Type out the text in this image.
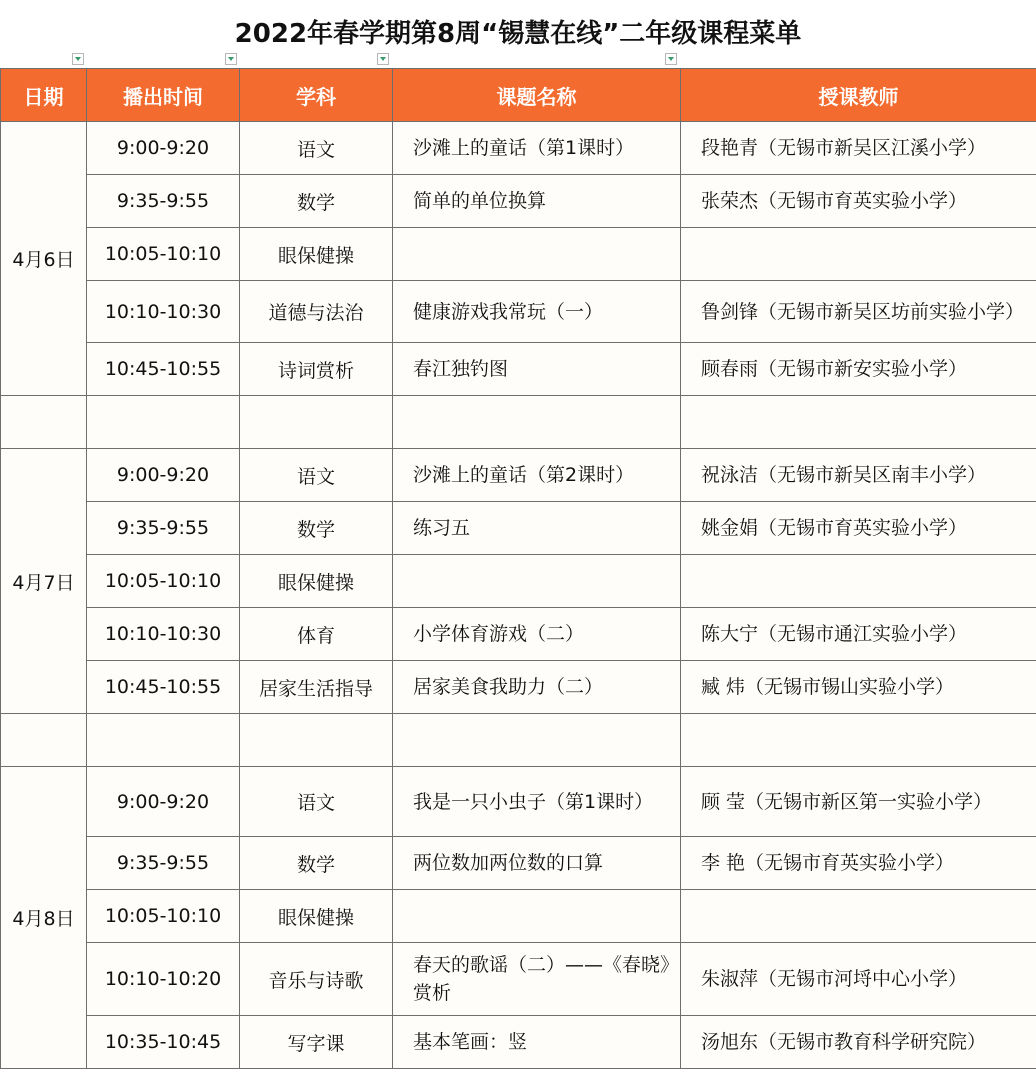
2022年春学期第8周“锡慧在线”二年级课程菜单
日期	播出时间	学科	课题名称	授课教师
4月6日	9:00-9:20	语文	沙滩上的童话（第1课时）	段艳青（无锡市新吴区江溪小学）
	9:35-9:55	数学	简单的单位换算	张荣杰（无锡市育英实验小学）
	10:05-10:10	眼保健操		
	10:10-10:30	道德与法治	健康游戏我常玩（一）	鲁剑锋（无锡市新吴区坊前实验小学）
	10:45-10:55	诗词赏析	春江独钓图	顾春雨（无锡市新安实验小学）

4月7日	9:00-9:20	语文	沙滩上的童话（第2课时）	祝泳洁（无锡市新吴区南丰小学）
	9:35-9:55	数学	练习五	姚金娟（无锡市育英实验小学）
	10:05-10:10	眼保健操		
	10:10-10:30	体育	小学体育游戏（二）	陈大宁（无锡市通江实验小学）
	10:45-10:55	居家生活指导	居家美食我助力（二）	臧 炜（无锡市锡山实验小学）

4月8日	9:00-9:20	语文	我是一只小虫子（第1课时）	顾 莹（无锡市新区第一实验小学）
	9:35-9:55	数学	两位数加两位数的口算	李 艳（无锡市育英实验小学）
	10:05-10:10	眼保健操		
	10:10-10:20	音乐与诗歌	春天的歌谣（二）——《春晓》赏析	朱淑萍（无锡市河埒中心小学）
	10:35-10:45	写字课	基本笔画：竖	汤旭东（无锡市教育科学研究院）
